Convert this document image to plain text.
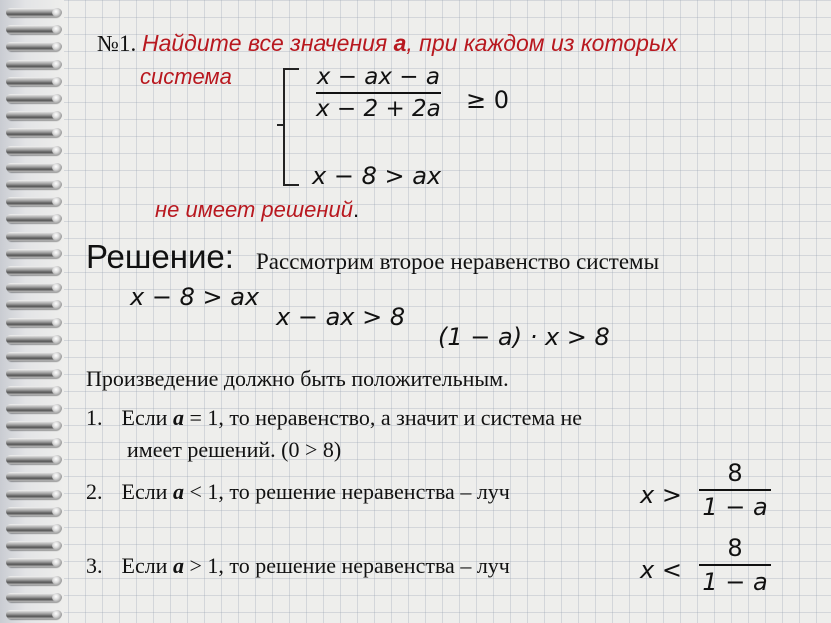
№1. Найдите все значения а, при каждом из которых
система	x − ax − a
x − 2 + 2a ≥ 0
x − 8 > ax
не имеет решений.
Решение: Рассмотрим второе неравенство системы
x − 8 > ax
x − ax > 8
(1 − a) · x > 8
Произведение должно быть положительным.
1. Если а = 1, то неравенство, а значит и система не
имеет решений. (0 > 8)
2. Если а < 1, то решение неравенства – луч	x >
8
1 − a
3. Если а > 1, то решение неравенства – луч	x <
8
1 − a
